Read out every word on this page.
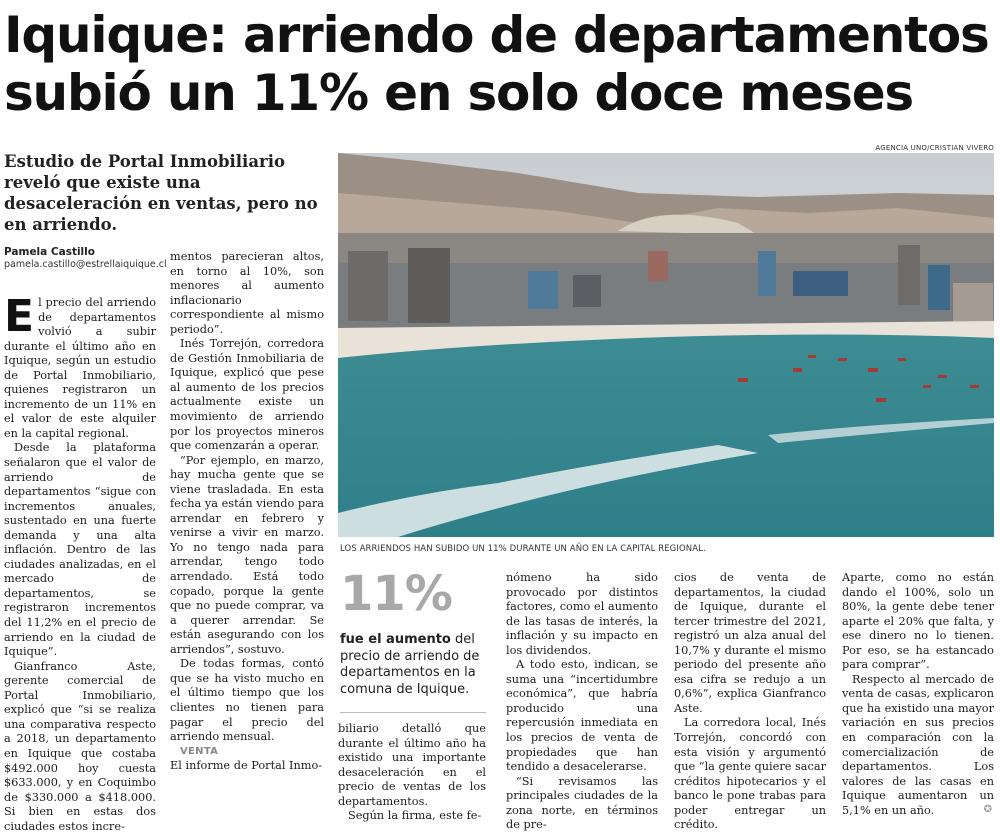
Iquique: arriendo de departamentos subió un 11% en solo doce meses
Estudio de Portal Inmobiliario reveló que existe una desaceleración en ventas, pero no en arriendo.
AGENCIA UNO/CRISTIAN VIVERO
LOS ARRIENDOS HAN SUBIDO UN 11% DURANTE UN AÑO EN LA CAPITAL REGIONAL.
Pamela Castillo
pamela.castillo@estrellaiquique.cl

El precio del arriendo de departamentos volvió a subir durante el último año en Iquique, según un estudio de Portal Inmobiliario, quienes registraron un incremento de un 11% en el valor de este alquiler en la capital regional.

Desde la plataforma señalaron que el valor de arriendo de departamentos “sigue con incrementos anuales, sustentado en una fuerte demanda y una alta inflación. Dentro de las ciudades analizadas, en el mercado de departamentos, se registraron incrementos del 11,2% en el precio de arriendo en la ciudad de Iquique”.

Gianfranco Aste, gerente comercial de Portal Inmobiliario, explicó que “si se realiza una comparativa respecto a 2018, un departamento en Iquique que costaba $492.000 hoy cuesta $633.000, y en Coquimbo de $330.000 a $418.000. Si bien en estas dos ciudades estos incre-

mentos parecieran altos, en torno al 10%, son menores al aumento inflacionario correspondiente al mismo periodo”.

Inés Torrejón, corredora de Gestión Inmobiliaria de Iquique, explicó que pese al aumento de los precios actualmente existe un movimiento de arriendo por los proyectos mineros que comenzarán a operar.

“Por ejemplo, en marzo, hay mucha gente que se viene trasladada. En esta fecha ya están viendo para arrendar en febrero y venirse a vivir en marzo. Yo no tengo nada para arrendar, tengo todo arrendado. Está todo copado, porque la gente que no puede comprar, va a querer arrendar. Se están asegurando con los arriendos”, sostuvo.

De todas formas, contó que se ha visto mucho en el último tiempo que los clientes no tienen para pagar el precio del arriendo mensual.

VENTA

El informe de Portal Inmo-

11%
fue el aumento del precio de arriendo de departamentos en la comuna de Iquique.

biliario detalló que durante el último año ha existido una importante desaceleración en el precio de ventas de los departamentos.

Según la firma, este fe-

nómeno ha sido provocado por distintos factores, como el aumento de las tasas de interés, la inflación y su impacto en los dividendos.

A todo esto, indican, se suma una “incertidumbre económica”, que habría producido una repercusión inmediata en los precios de venta de propiedades que han tendido a desacelerarse.

“Si revisamos las principales ciudades de la zona norte, en términos de pre-

cios de venta de departamentos, la ciudad de Iquique, durante el tercer trimestre del 2021, registró un alza anual del 10,7% y durante el mismo periodo del presente año esa cifra se redujo a un 0,6%”, explica Gianfranco Aste.

La corredora local, Inés Torrejón, concordó con esta visión y argumentó que “la gente quiere sacar créditos hipotecarios y el banco le pone trabas para poder entregar un crédito.

Aparte, como no están dando el 100%, solo un 80%, la gente debe tener aparte el 20% que falta, y ese dinero no lo tienen. Por eso, se ha estancado para comprar”.

Respecto al mercado de venta de casas, explicaron que ha existido una mayor variación en sus precios en comparación con la comercialización de departamentos. Los valores de las casas en Iquique aumentaron un 5,1% en un año.	✪
